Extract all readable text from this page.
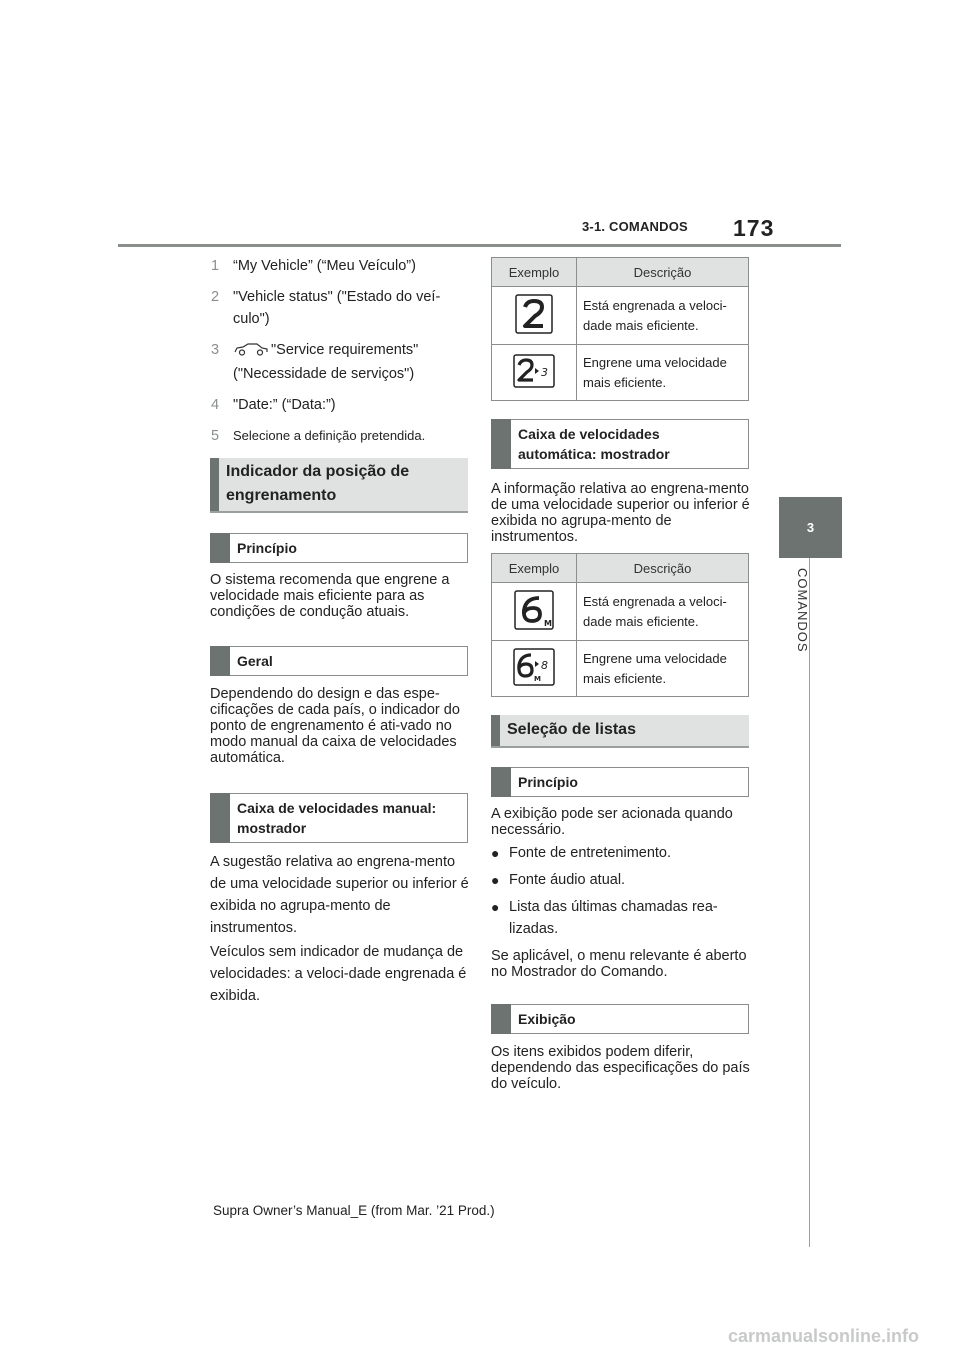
3-1. COMANDOS 173
3
COMANDOS
1 “My Vehicle” (“Meu Veículo”)
2 "Vehicle status" ("Estado do veí-culo")
3	"Service requirements" ("Necessidade de serviços")
4 "Date:” (“Data:”)
5	Selecione a definição pretendida.
Indicador da posição de engrenamento
Princípio
O sistema recomenda que engrene a velocidade mais eficiente para as condições de condução atuais.
Geral
Dependendo do design e das espe-cificações de cada país, o indicador do ponto de engrenamento é ati-vado no modo manual da caixa de velocidades automática.
Caixa de velocidades manual: mostrador
A sugestão relativa ao engrena-mento de uma velocidade superior ou inferior é exibida no agrupa-mento de instrumentos.
Veículos sem indicador de mudança de velocidades: a veloci-dade engrenada é exibida.
Exemplo	Descrição
	Está engrenada a veloci-dade mais eficiente.

3	Engrene uma velocidade mais eficiente.
Caixa de velocidades automática: mostrador
A informação relativa ao engrena-mento de uma velocidade superior ou inferior é exibida no agrupa-mento de instrumentos.
Exemplo	Descrição

M	Está engrenada a veloci-dade mais eficiente.

8
M	Engrene uma velocidade mais eficiente.
Seleção de listas
Princípio
A exibição pode ser acionada quando necessário.
● Fonte de entretenimento.
● Fonte áudio atual.
● Lista das últimas chamadas rea-lizadas.
Se aplicável, o menu relevante é aberto no Mostrador do Comando.
Exibição
Os itens exibidos podem diferir, dependendo das especificações do país do veículo.
Supra Owner’s Manual_E (from Mar. ’21 Prod.)
carmanualsonline.info
